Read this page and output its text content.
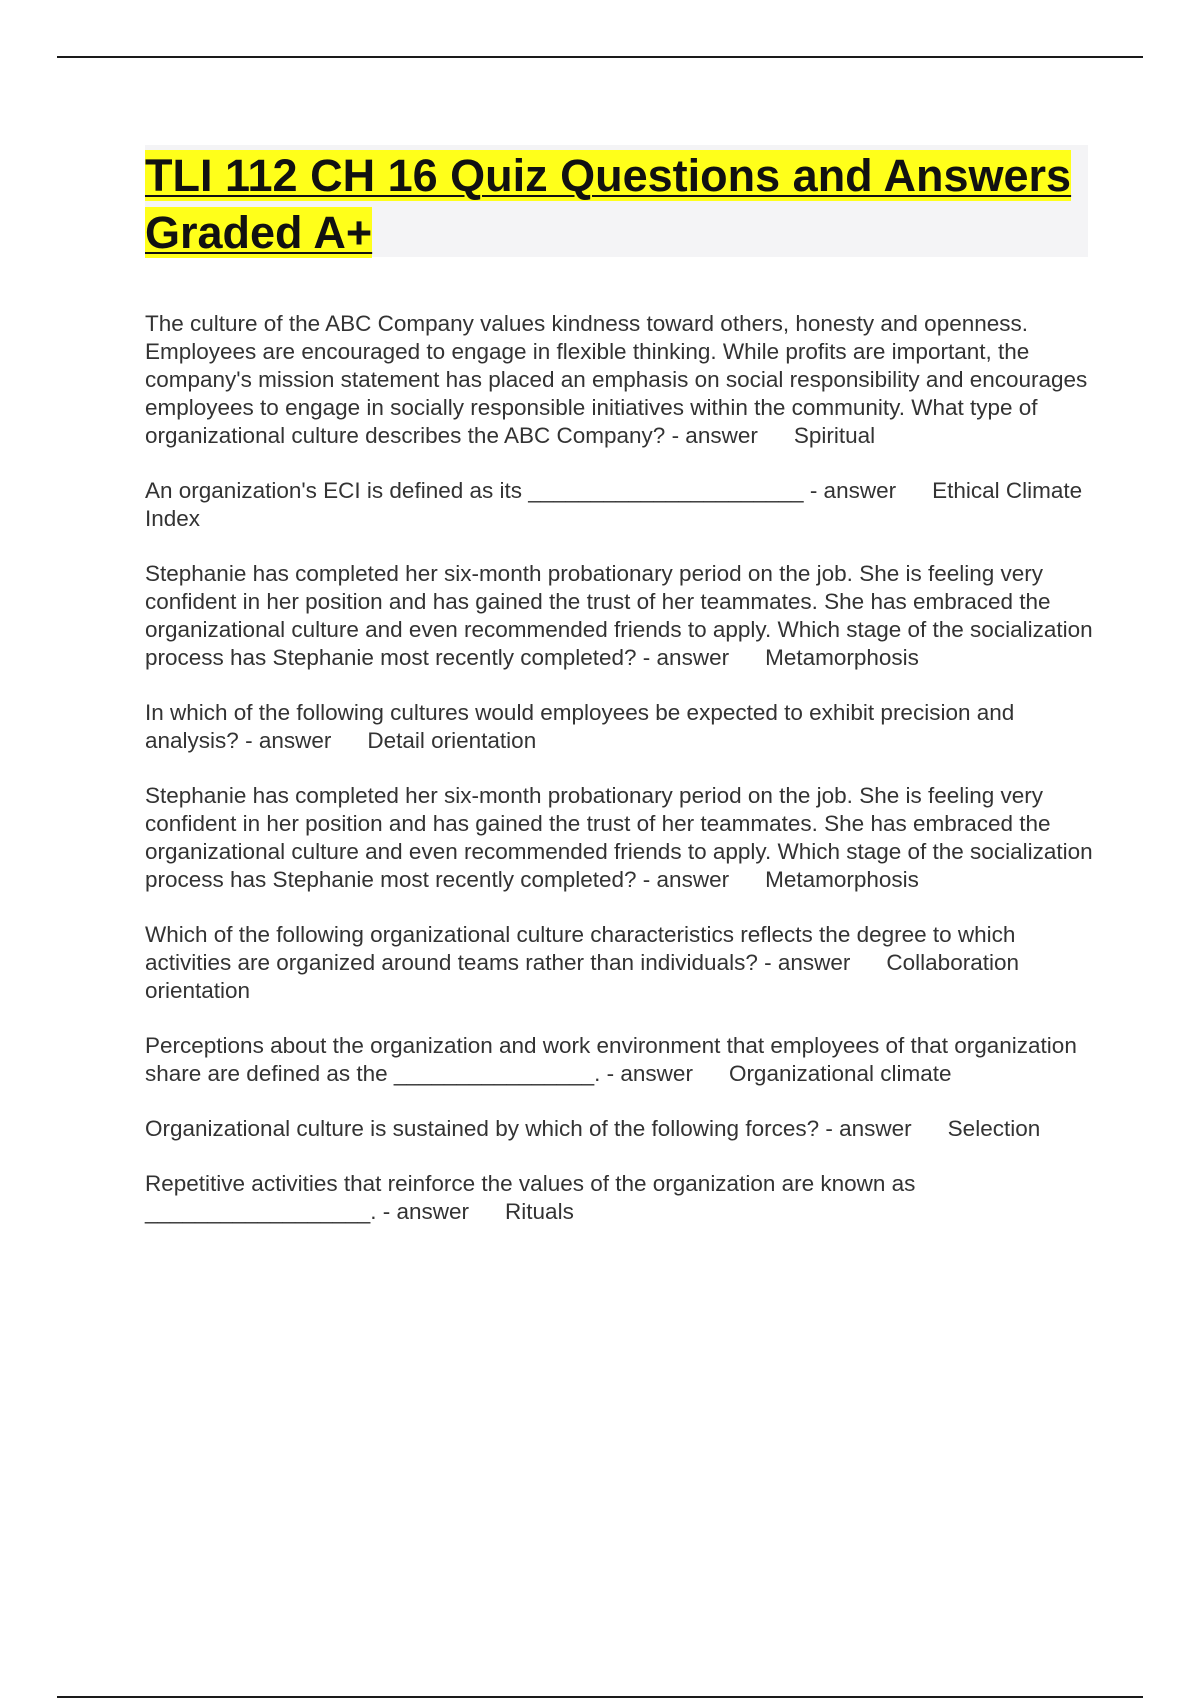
TLI 112 CH 16 Quiz Questions and Answers Graded A+

The culture of the ABC Company values kindness toward others, honesty and openness. Employees are encouraged to engage in flexible thinking. While profits are important, the company's mission statement has placed an emphasis on social responsibility and encourages employees to engage in socially responsible initiatives within the community. What type of organizational culture describes the ABC Company? - answer Spiritual

An organization's ECI is defined as its ______________________ - answer Ethical Climate Index

Stephanie has completed her six-month probationary period on the job. She is feeling very confident in her position and has gained the trust of her teammates. She has embraced the organizational culture and even recommended friends to apply. Which stage of the socialization process has Stephanie most recently completed? - answer Metamorphosis

In which of the following cultures would employees be expected to exhibit precision and analysis? - answer Detail orientation

Stephanie has completed her six-month probationary period on the job. She is feeling very confident in her position and has gained the trust of her teammates. She has embraced the organizational culture and even recommended friends to apply. Which stage of the socialization process has Stephanie most recently completed? - answer Metamorphosis

Which of the following organizational culture characteristics reflects the degree to which activities are organized around teams rather than individuals? - answer Collaboration orientation

Perceptions about the organization and work environment that employees of that organization share are defined as the ________________. - answer Organizational climate

Organizational culture is sustained by which of the following forces? - answer Selection

Repetitive activities that reinforce the values of the organization are known as __________________. - answer Rituals
